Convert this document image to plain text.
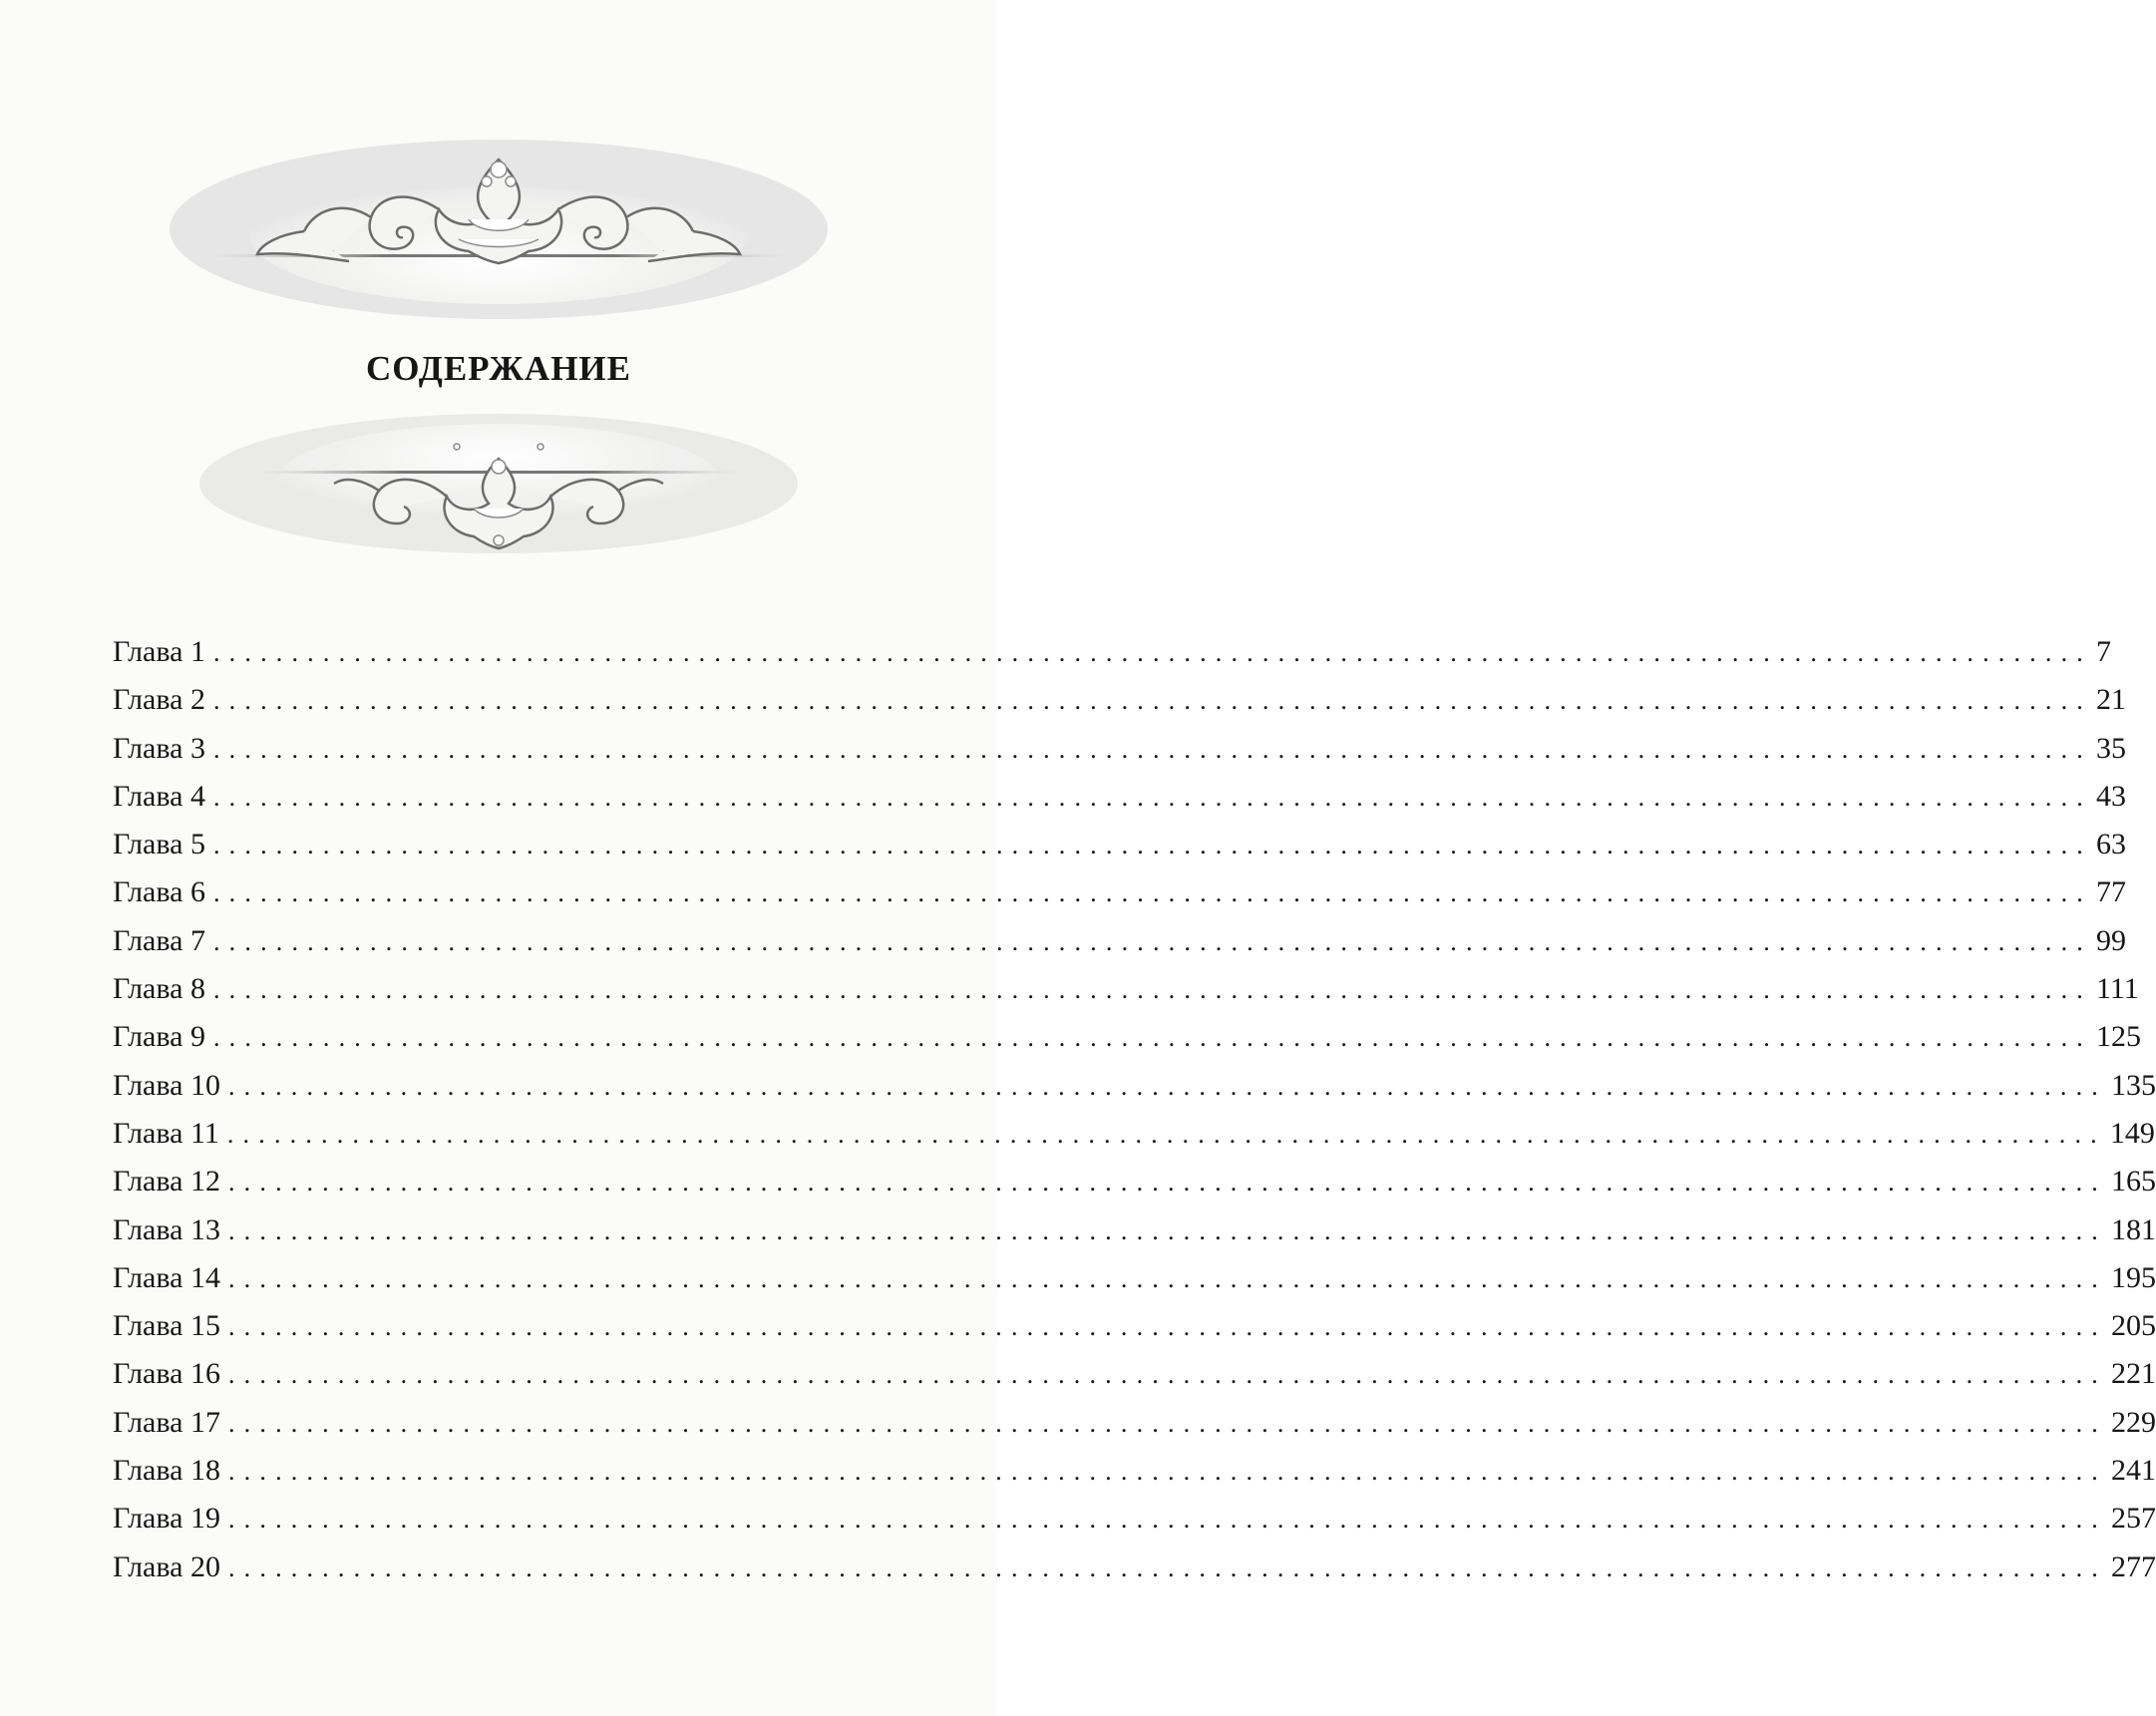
СОДЕРЖАНИЕ
Глава 1 ........................................................................................................................ 7
Глава 2 ........................................................................................................................ 21
Глава 3 ........................................................................................................................ 35
Глава 4 ........................................................................................................................ 43
Глава 5 ........................................................................................................................ 63
Глава 6 ........................................................................................................................ 77
Глава 7 ........................................................................................................................ 99
Глава 8 ........................................................................................................................ 111
Глава 9 ........................................................................................................................ 125
Глава 10 ........................................................................................................................ 135
Глава 11 ........................................................................................................................ 149
Глава 12 ........................................................................................................................ 165
Глава 13 ........................................................................................................................ 181
Глава 14 ........................................................................................................................ 195
Глава 15 ........................................................................................................................ 205
Глава 16 ........................................................................................................................ 221
Глава 17 ........................................................................................................................ 229
Глава 18 ........................................................................................................................ 241
Глава 19 ........................................................................................................................ 257
Глава 20 ........................................................................................................................ 277
